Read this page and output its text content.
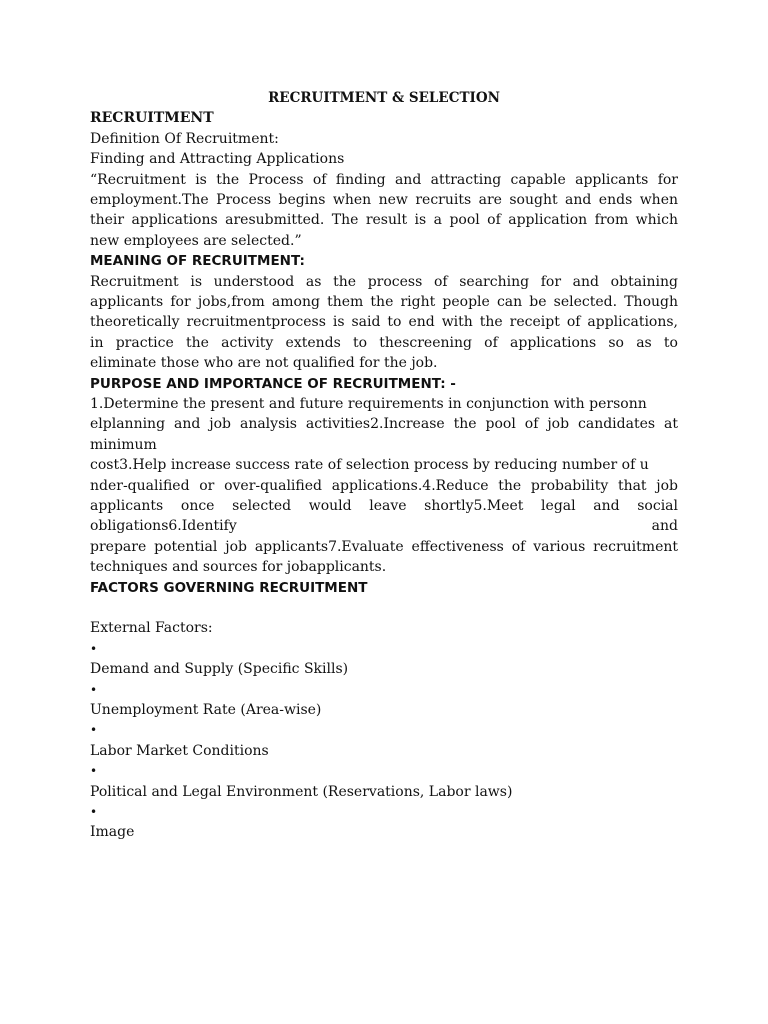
RECRUITMENT & SELECTION
RECRUITMENT
Definition Of Recruitment:
Finding and Attracting Applications
“Recruitment is the Process of finding and attracting capable applicants for
employment.The Process begins when new recruits are sought and ends when
their applications aresubmitted. The result is a pool of application from which
new employees are selected.”
MEANING OF RECRUITMENT:
Recruitment is understood as the process of searching for and obtaining
applicants for jobs,from among them the right people can be selected. Though
theoretically recruitmentprocess is said to end with the receipt of applications,
in practice the activity extends to thescreening of applications so as to
eliminate those who are not qualified for the job.
PURPOSE AND IMPORTANCE OF RECRUITMENT: -
1.Determine the present and future requirements in conjunction with personn
elplanning and job analysis activities2.Increase the pool of job candidates at
minimum
cost3.Help increase success rate of selection process by reducing number of u
nder-qualified or over-qualified applications.4.Reduce the probability that job
applicants once selected would leave shortly5.Meet legal and social
obligations6.Identify and
prepare potential job applicants7.Evaluate effectiveness of various recruitment
techniques and sources for jobapplicants.
FACTORS GOVERNING RECRUITMENT
External Factors:
•
Demand and Supply (Specific Skills)
•
Unemployment Rate (Area-wise)
•
Labor Market Conditions
•
Political and Legal Environment (Reservations, Labor laws)
•
Image
